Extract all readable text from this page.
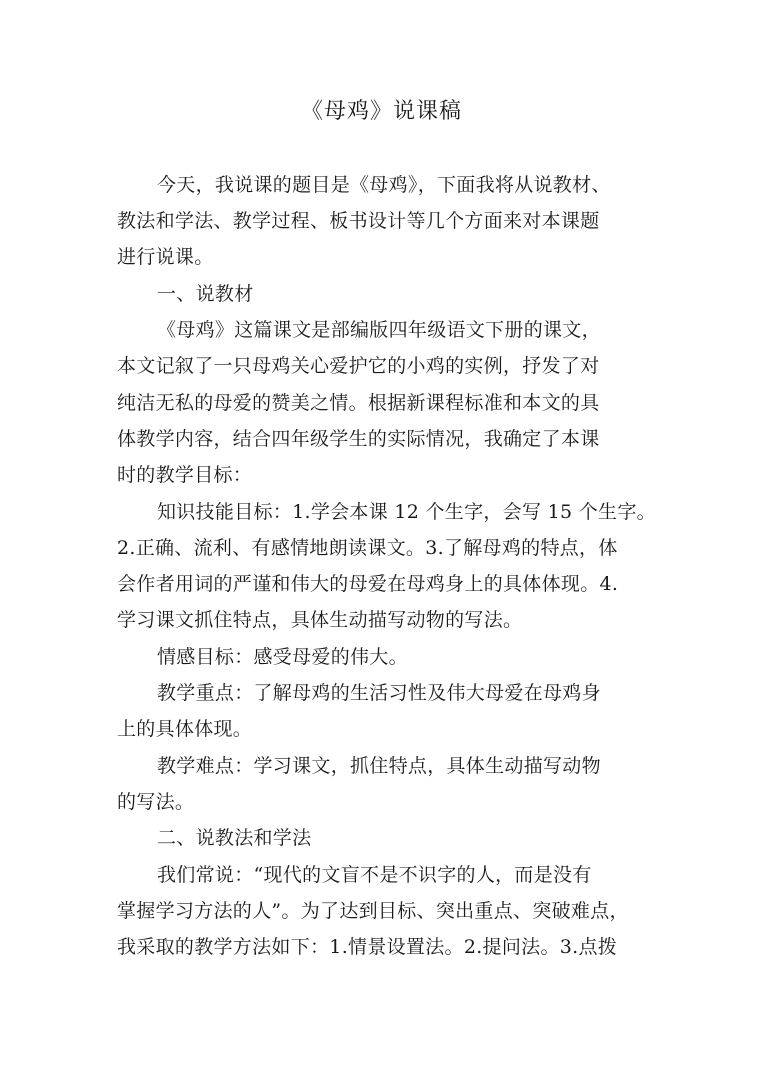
《母鸡》说课稿
今天，我说课的题目是《母鸡》，下面我将从说教材、
教法和学法、教学过程、板书设计等几个方面来对本课题
进行说课。
一、说教材
《母鸡》这篇课文是部编版四年级语文下册的课文，
本文记叙了一只母鸡关心爱护它的小鸡的实例，抒发了对
纯洁无私的母爱的赞美之情。根据新课程标准和本文的具
体教学内容，结合四年级学生的实际情况，我确定了本课
时的教学目标：
知识技能目标：1.学会本课 12 个生字，会写 15 个生字。
2.正确、流利、有感情地朗读课文。3.了解母鸡的特点，体
会作者用词的严谨和伟大的母爱在母鸡身上的具体体现。4.
学习课文抓住特点，具体生动描写动物的写法。
情感目标：感受母爱的伟大。
教学重点：了解母鸡的生活习性及伟大母爱在母鸡身
上的具体体现。
教学难点：学习课文，抓住特点，具体生动描写动物
的写法。
二、说教法和学法
我们常说：“现代的文盲不是不识字的人，而是没有
掌握学习方法的人”。为了达到目标、突出重点、突破难点，
我采取的教学方法如下：1.情景设置法。2.提问法。3.点拨
